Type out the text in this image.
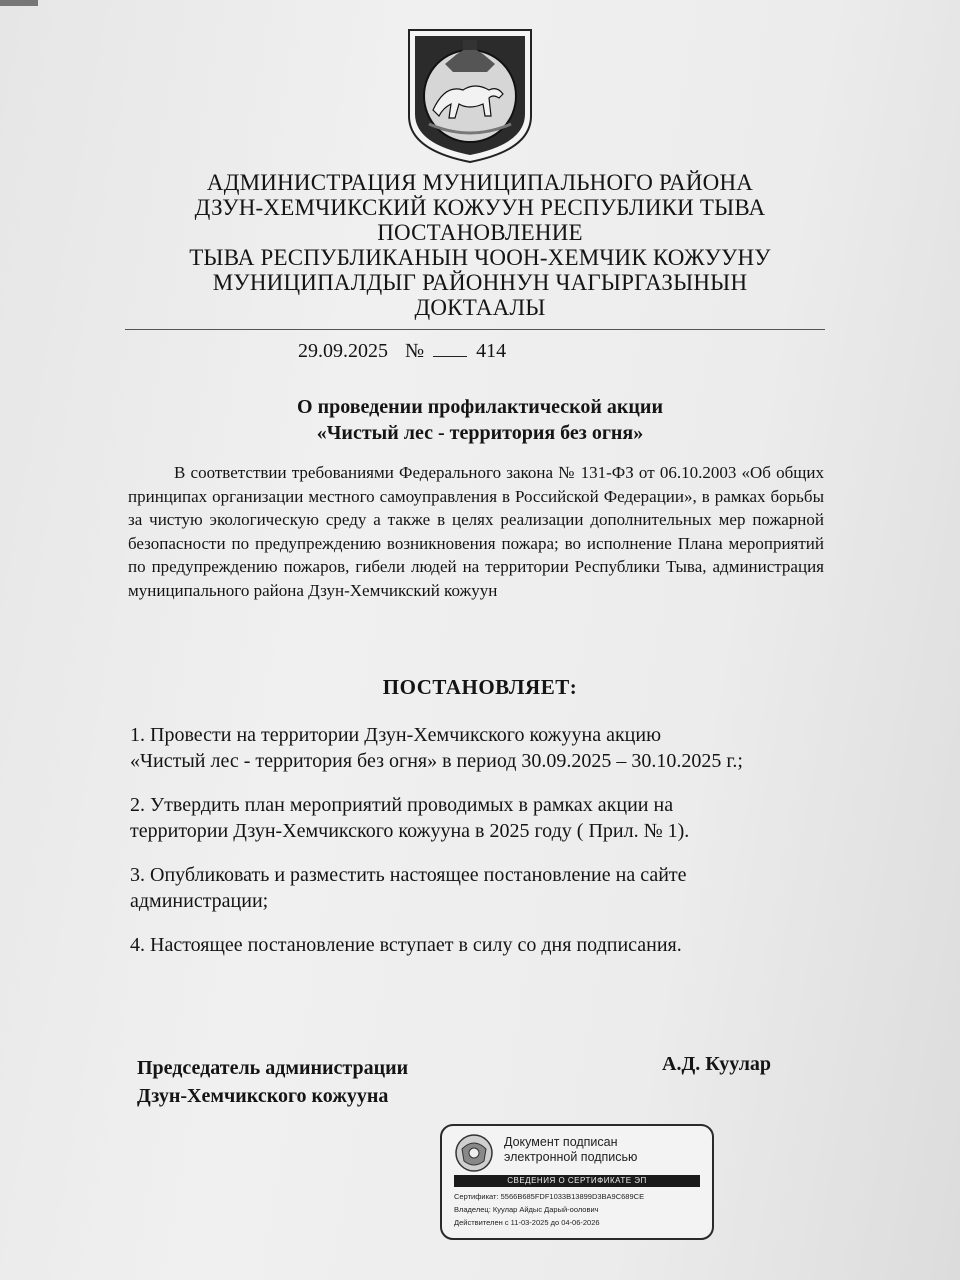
АДМИНИСТРАЦИЯ МУНИЦИПАЛЬНОГО РАЙОНА
ДЗУН-ХЕМЧИКСКИЙ КОЖУУН РЕСПУБЛИКИ ТЫВА
ПОСТАНОВЛЕНИЕ
ТЫВА РЕСПУБЛИКАНЫН ЧООН-ХЕМЧИК КОЖУУНУ
МУНИЦИПАЛДЫГ РАЙОННУН ЧАГЫРГАЗЫНЫН
ДОКТААЛЫ
29.09.2025 №	414
О проведении профилактической акции
«Чистый лес - территория без огня»
В соответствии требованиями Федерального закона № 131-ФЗ от 06.10.2003 «Об общих принципах организации местного самоуправления в Российской Федерации», в рамках борьбы за чистую экологическую среду а также в целях реализации дополнительных мер пожарной безопасности по предупреждению возникновения пожара; во исполнение Плана мероприятий по предупреждению пожаров, гибели людей на территории Республики Тыва, администрация муниципального района Дзун-Хемчикский кожуун
ПОСТАНОВЛЯЕТ:
1. Провести на территории Дзун-Хемчикского кожууна акцию
«Чистый лес - территория без огня» в период 30.09.2025 – 30.10.2025 г.;
2. Утвердить план мероприятий проводимых в рамках акции на
территории Дзун-Хемчикского кожууна в 2025 году ( Прил. № 1).
3. Опубликовать и разместить настоящее постановление на сайте
администрации;
4. Настоящее постановление вступает в силу со дня подписания.
Председатель администрации
Дзун-Хемчикского кожууна
А.Д. Куулар
Документ подписан
электронной подписью
СВЕДЕНИЯ О СЕРТИФИКАТЕ ЭП
Сертификат: 5566B685FDF1033B13899D3BA9C689CE
Владелец: Куулар Айдыс Дарый-оолович
Действителен с 11-03-2025 до 04-06-2026
